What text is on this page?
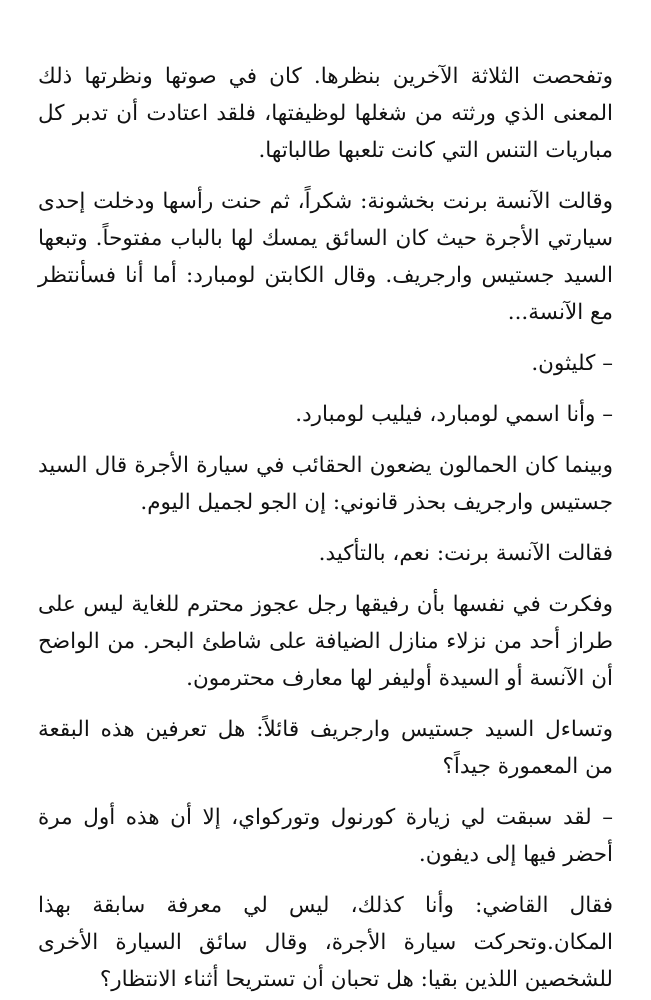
وتفحصت الثلاثة الآخرين بنظرها. كان في صوتها ونظرتها ذلك المعنى الذي ورثته من شغلها لوظيفتها، فلقد اعتادت أن تدبر كل مباريات التنس التي كانت تلعبها طالباتها.

وقالت الآنسة برنت بخشونة: شكراً، ثم حنت رأسها ودخلت إحدى سيارتي الأجرة حيث كان السائق يمسك لها بالباب مفتوحاً. وتبعها السيد جستيس وارجريف. وقال الكابتن لومبارد: أما أنا فسأنتظر مع الآنسة...

– كليثون.

– وأنا اسمي لومبارد، فيليب لومبارد.

وبينما كان الحمالون يضعون الحقائب في سيارة الأجرة قال السيد جستيس وارجريف بحذر قانوني: إن الجو لجميل اليوم.

فقالت الآنسة برنت: نعم، بالتأكيد.

وفكرت في نفسها بأن رفيقها رجل عجوز محترم للغاية ليس على طراز أحد من نزلاء منازل الضيافة على شاطئ البحر. من الواضح أن الآنسة أو السيدة أوليفر لها معارف محترمون.

وتساءل السيد جستيس وارجريف قائلاً: هل تعرفين هذه البقعة من المعمورة جيداً؟

– لقد سبقت لي زيارة كورنول وتوركواي، إلا أن هذه أول مرة أحضر فيها إلى ديفون.

فقال القاضي: وأنا كذلك، ليس لي معرفة سابقة بهذا المكان.وتحركت سيارة الأجرة، وقال سائق السيارة الأخرى للشخصين اللذين بقيا: هل تحبان أن تستريحا أثناء الانتظار؟
